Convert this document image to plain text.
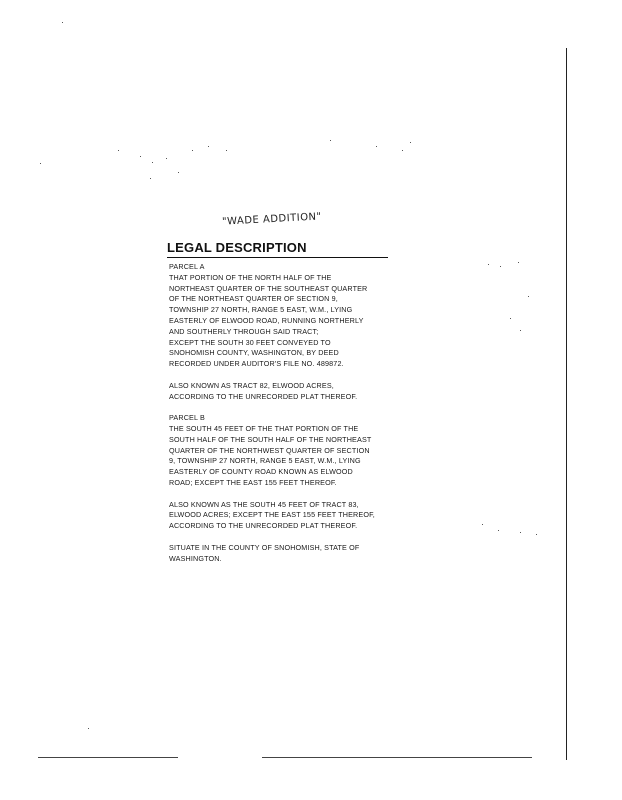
"WADE ADDITION"
LEGAL DESCRIPTION
PARCEL A
THAT PORTION OF THE NORTH HALF OF THE
NORTHEAST QUARTER OF THE SOUTHEAST QUARTER
OF THE NORTHEAST QUARTER OF SECTION 9,
TOWNSHIP 27 NORTH, RANGE 5 EAST, W.M., LYING
EASTERLY OF ELWOOD ROAD, RUNNING NORTHERLY
AND SOUTHERLY THROUGH SAID TRACT;
EXCEPT THE SOUTH 30 FEET CONVEYED TO
SNOHOMISH COUNTY, WASHINGTON, BY DEED
RECORDED UNDER AUDITOR'S FILE NO. 489872.
ALSO KNOWN AS TRACT 82, ELWOOD ACRES,
ACCORDING TO THE UNRECORDED PLAT THEREOF.
PARCEL B
THE SOUTH 45 FEET OF THE THAT PORTION OF THE
SOUTH HALF OF THE SOUTH HALF OF THE NORTHEAST
QUARTER OF THE NORTHWEST QUARTER OF SECTION
9, TOWNSHIP 27 NORTH, RANGE 5 EAST, W.M., LYING
EASTERLY OF COUNTY ROAD KNOWN AS ELWOOD
ROAD; EXCEPT THE EAST 155 FEET THEREOF.
ALSO KNOWN AS THE SOUTH 45 FEET OF TRACT 83,
ELWOOD ACRES; EXCEPT THE EAST 155 FEET THEREOF,
ACCORDING TO THE UNRECORDED PLAT THEREOF.
SITUATE IN THE COUNTY OF SNOHOMISH, STATE OF
WASHINGTON.
